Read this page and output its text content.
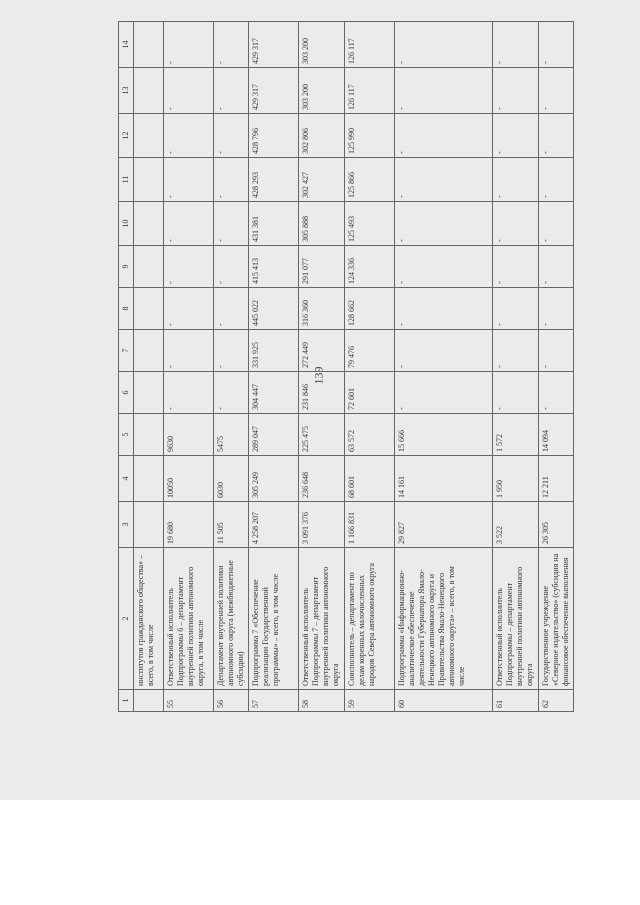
139
1	2	3	4	5	6	7	8	9	10	11	12	13	14
	институтов гражданского общества» – всего, в том числе												
55	Ответственный исполнитель Подпрограммы 6 – департамент внутренней политики автономного округа, в том числе	19 680	10050	9630	-	-	-	-	-	-	-	-	-
56	Департамент внутренней политики автономного округа (межбюджетные субсидии)	11 505	6030	5475	-	-	-	-	-	-	-	-	-
57	Подпрограмма 7 «Обеспечение реализации Государственной программы» – всего, в том числе	4 258 207	305 249	289 047	304 447	331 925	445 022	415 413	431 381	428 293	428 796	429 317	429 317
58	Ответственный исполнитель Подпрограммы 7 – департамент внутренней политики автономного округа	3 091 376	236 648	225 475	231 846	272 449	316 360	291 077	305 888	302 427	302 806	303 200	303 200
59	Соисполнитель – департамент по делам коренных малочисленных народов Севера автономного округа	1 166 831	68 601	63 572	72 601	79 476	128 662	124 336	125 493	125 866	125 990	126 117	126 117
60	Подпрограмма «Информационно-аналитическое обеспечение деятельности Губернатора Ямало-Ненецкого автономного округа и Правительства Ямало-Ненецкого автономного округа» – всего, в том числе	29 827	14 161	15 666	-	-	-	-	-	-	-	-	-
61	Ответственный исполнитель Подпрограммы – департамент внутренней политики автономного округа	3 522	1 950	1 572	-	-	-	-	-	-	-	-	-
62	Государственное учреждение «Северное издательство» (субсидия на финансовое обеспечение выполнения	26 305	12 211	14 094	-	-	-	-	-	-	-	-	-
